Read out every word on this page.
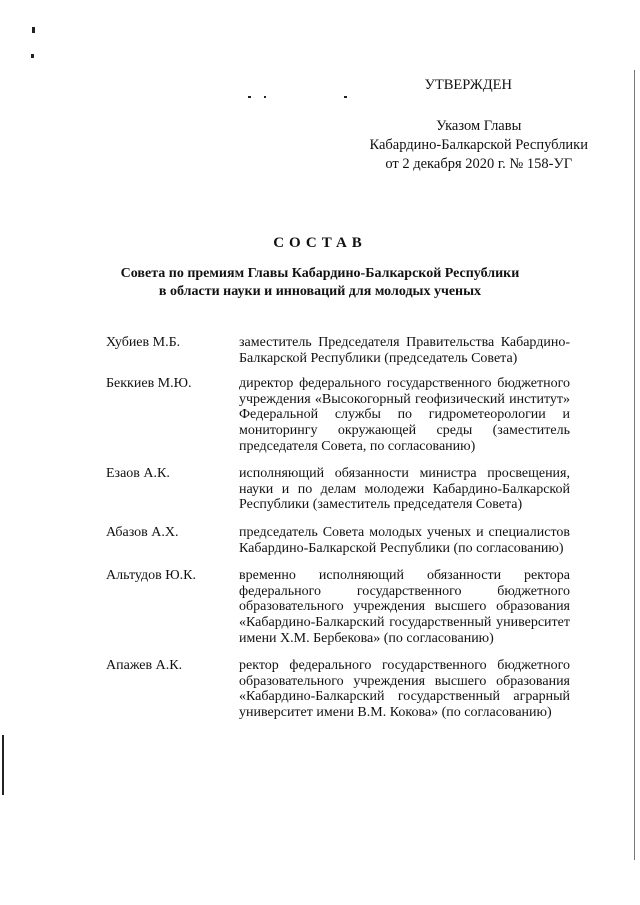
УТВЕРЖДЕН
Указом Главы
Кабардино-Балкарской Республики
от 2 декабря 2020 г. № 158-УГ
СОСТАВ
Совета по премиям Главы Кабардино-Балкарской Республики
в области науки и инноваций для молодых ученых
Хубиев М.Б.	заместитель Председателя Правительства Кабардино-Балкарской Республики (председатель Совета)
Беккиев М.Ю.	директор федерального государственного бюджетного учреждения «Высокогорный геофизический институт» Федеральной службы по гидрометеорологии и мониторингу окружающей среды (заместитель председателя Совета, по согласованию)
Езаов А.К.	исполняющий обязанности министра просвещения, науки и по делам молодежи Кабардино-Балкарской Республики (заместитель председателя Совета)
Абазов А.Х.	председатель Совета молодых ученых и специалистов Кабардино-Балкарской Республики (по согласованию)
Альтудов Ю.К.	временно исполняющий обязанности ректора федерального государственного бюджетного образовательного учреждения высшего образования «Кабардино-Балкарский государственный университет имени Х.М. Бербекова» (по согласованию)
Апажев А.К.	ректор федерального государственного бюджетного образовательного учреждения высшего образования «Кабардино-Балкарский государственный аграрный университет имени В.М. Кокова» (по согласованию)
